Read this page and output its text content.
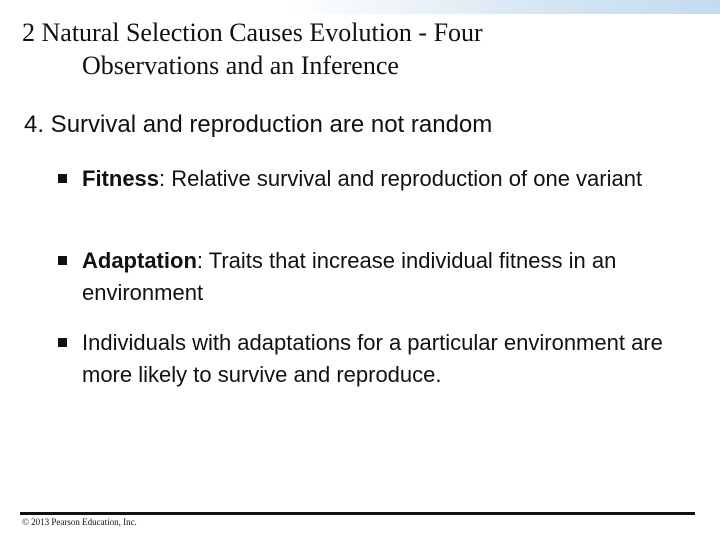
2 Natural Selection Causes Evolution - Four
Observations and an Inference
4. Survival and reproduction are not random
Fitness: Relative survival and reproduction of one variant
Adaptation: Traits that increase individual fitness in an environment
Individuals with adaptations for a particular environment are more likely to survive and reproduce.
© 2013 Pearson Education, Inc.
